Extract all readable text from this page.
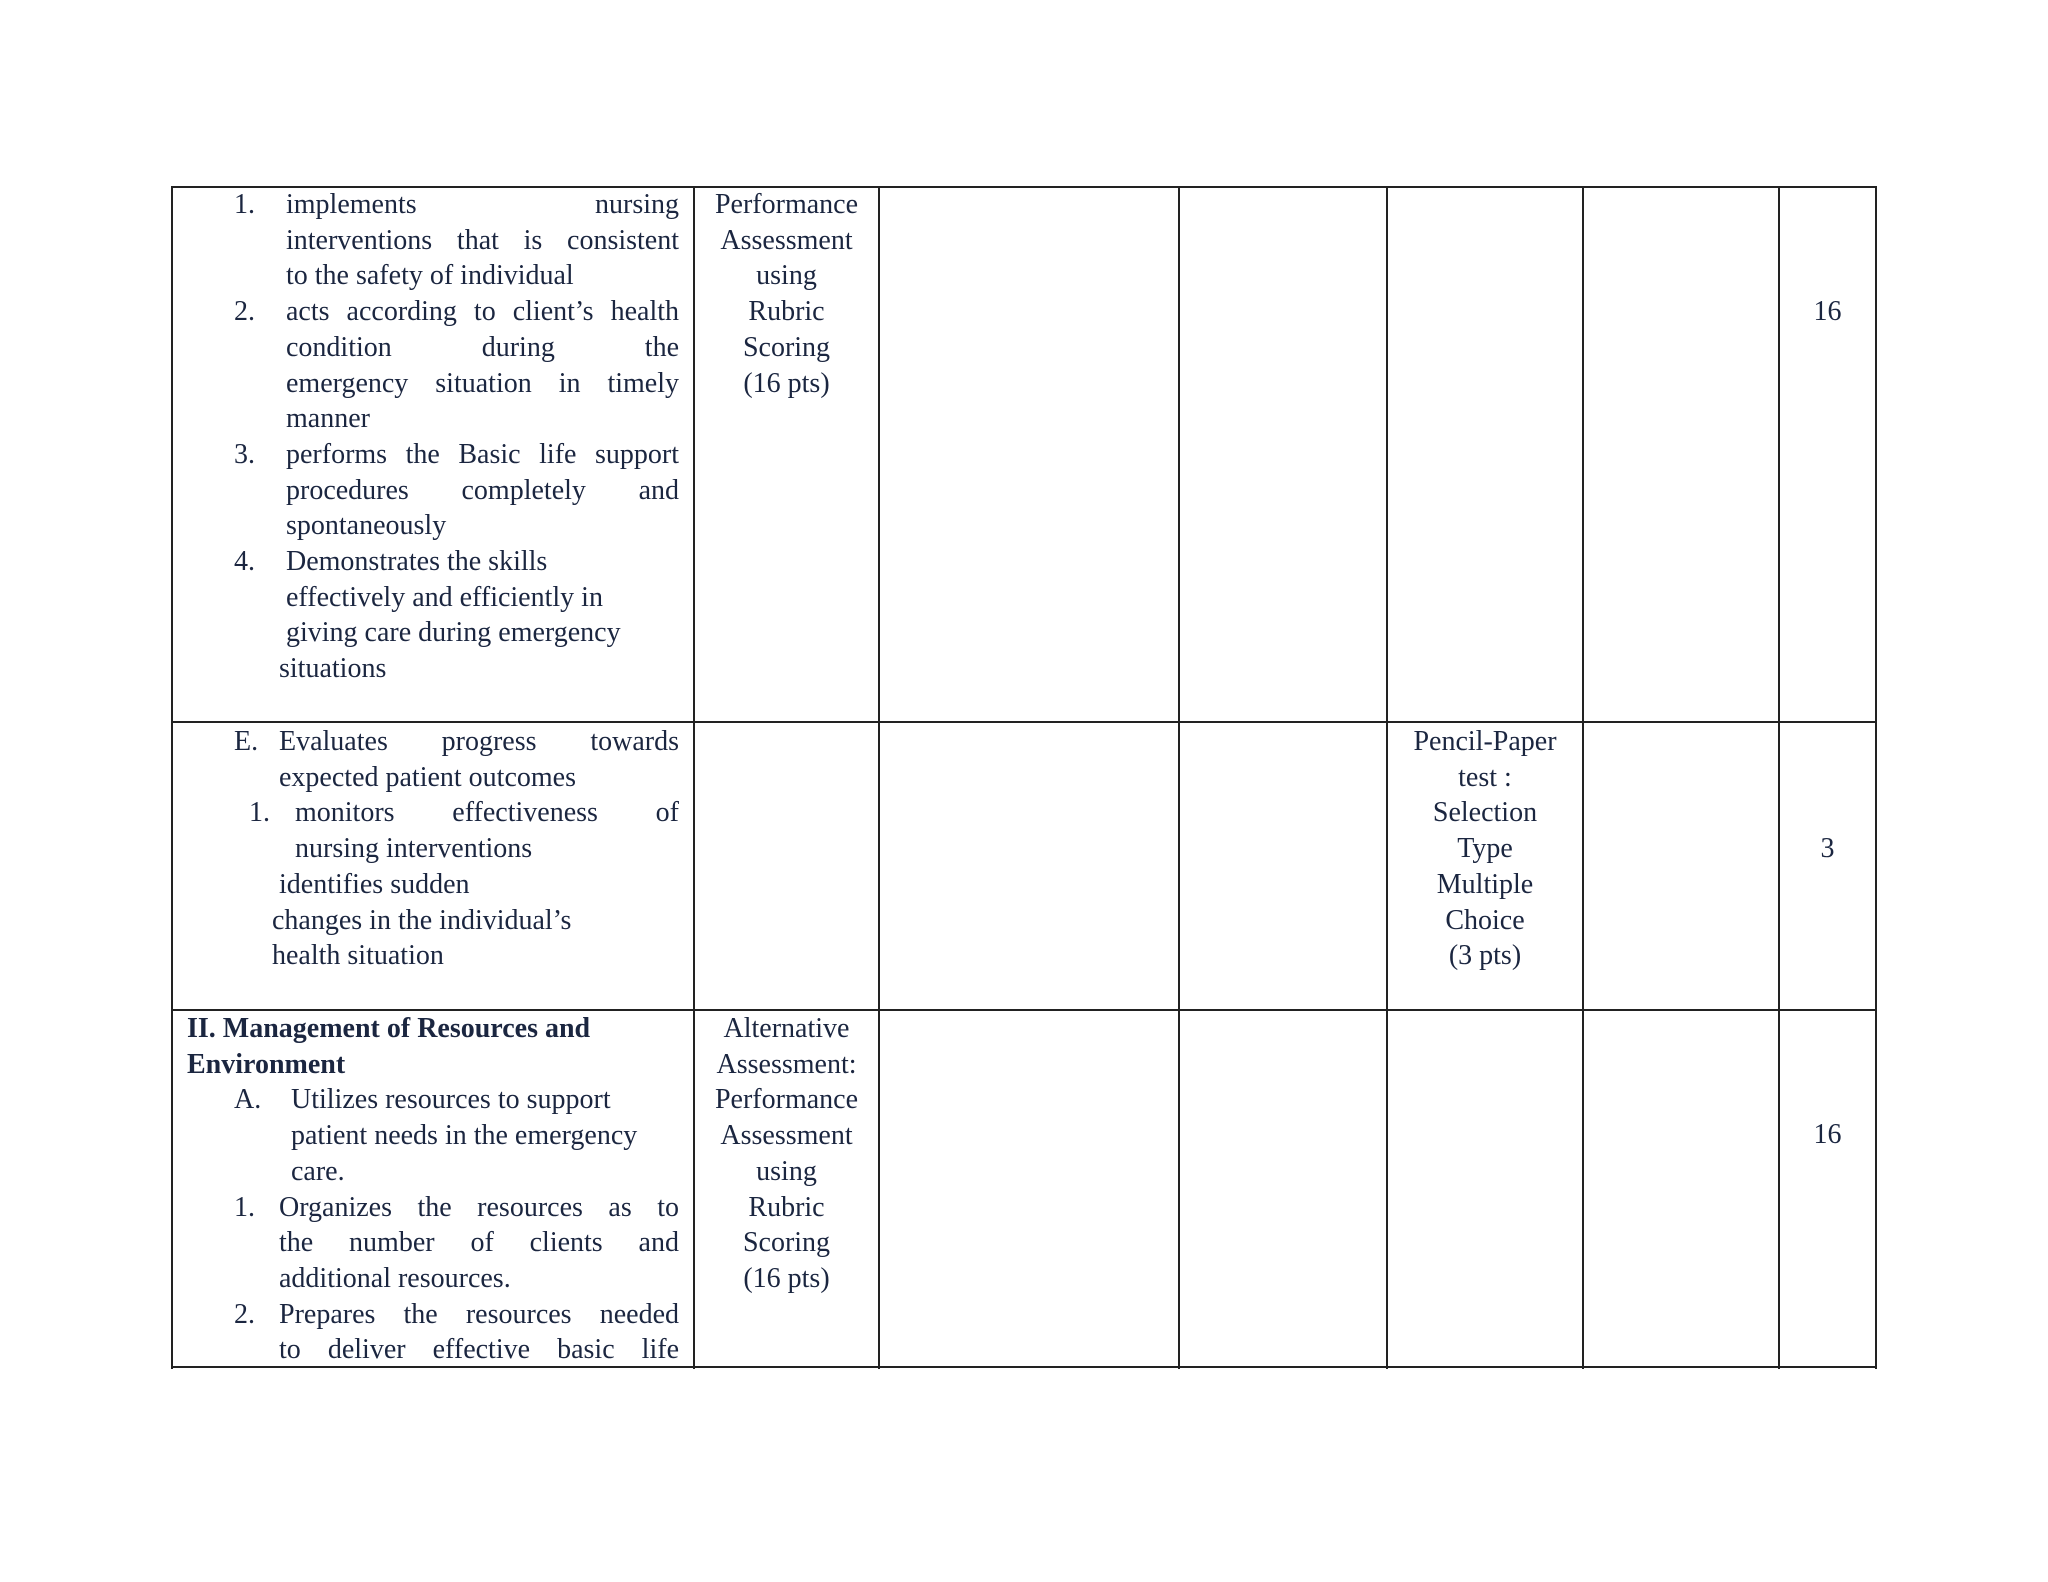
1. implements nursing
interventions that is consistent
to the safety of individual
2. acts according to client’s health
condition during the
emergency situation in timely
manner
3. performs the Basic life support
procedures completely and
spontaneously
4. Demonstrates the skills
effectively and efficiently in
giving care during emergency
situations
Performance
Assessment
using
Rubric
Scoring
(16 pts)
E. Evaluates progress towards
expected patient outcomes
1. monitors effectiveness of
nursing interventions
identifies sudden
changes in the individual’s
health situation
Pencil-Paper
test :
Selection
Type
Multiple
Choice
(3 pts)
II. Management of Resources and
Environment
A. Utilizes resources to support
patient needs in the emergency
care.
1. Organizes the resources as to
the number of clients and
additional resources.
2. Prepares the resources needed
to deliver effective basic life
Alternative
Assessment:
Performance
Assessment
using
Rubric
Scoring
(16 pts)
16
3
16
